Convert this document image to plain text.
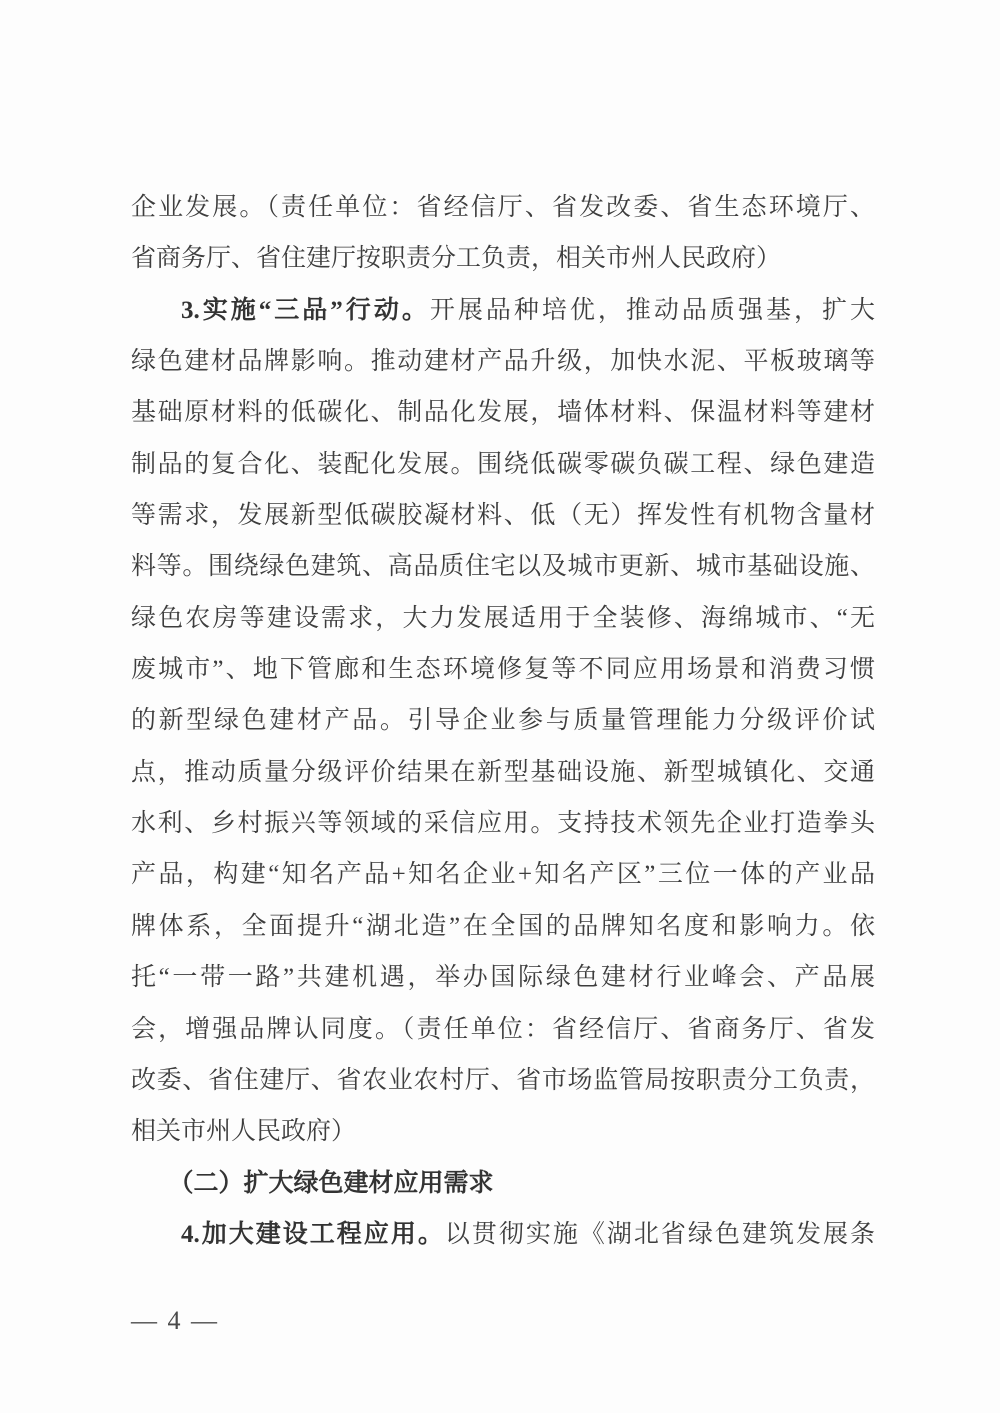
企业发展。（责任单位：省经信厅、省发改委、省生态环境厅、
省商务厅、省住建厅按职责分工负责，相关市州人民政府）
3.实施“三品”行动。开展品种培优，推动品质强基，扩大
绿色建材品牌影响。推动建材产品升级，加快水泥、平板玻璃等
基础原材料的低碳化、制品化发展，墙体材料、保温材料等建材
制品的复合化、装配化发展。围绕低碳零碳负碳工程、绿色建造
等需求，发展新型低碳胶凝材料、低（无）挥发性有机物含量材
料等。围绕绿色建筑、高品质住宅以及城市更新、城市基础设施、
绿色农房等建设需求，大力发展适用于全装修、海绵城市、“无
废城市”、地下管廊和生态环境修复等不同应用场景和消费习惯
的新型绿色建材产品。引导企业参与质量管理能力分级评价试
点，推动质量分级评价结果在新型基础设施、新型城镇化、交通
水利、乡村振兴等领域的采信应用。支持技术领先企业打造拳头
产品，构建“知名产品+知名企业+知名产区”三位一体的产业品
牌体系，全面提升“湖北造”在全国的品牌知名度和影响力。依
托“一带一路”共建机遇，举办国际绿色建材行业峰会、产品展
会，增强品牌认同度。（责任单位：省经信厅、省商务厅、省发
改委、省住建厅、省农业农村厅、省市场监管局按职责分工负责，
相关市州人民政府）
（二）扩大绿色建材应用需求
4.加大建设工程应用。以贯彻实施《湖北省绿色建筑发展条
— 4 —
